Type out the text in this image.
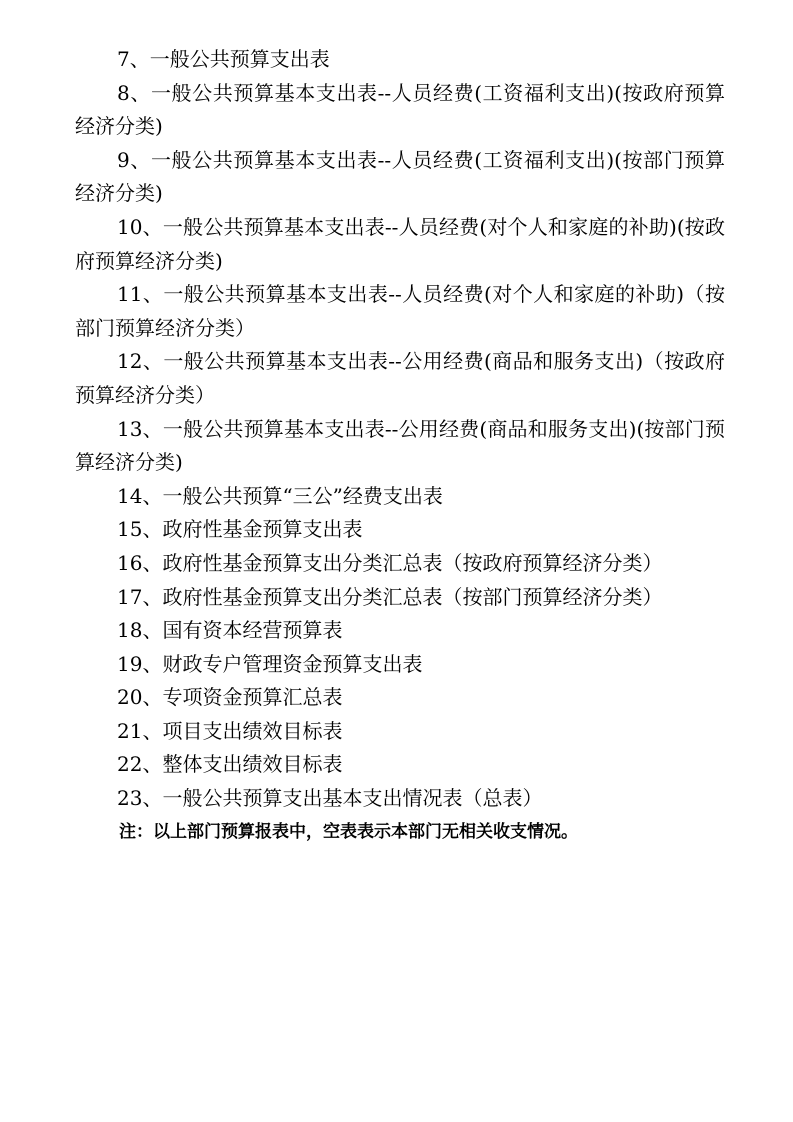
7、一般公共预算支出表

8、一般公共预算基本支出表--人员经费(工资福利支出)(按政府预算经济分类)

9、一般公共预算基本支出表--人员经费(工资福利支出)(按部门预算经济分类)

10、一般公共预算基本支出表--人员经费(对个人和家庭的补助)(按政府预算经济分类)

11、一般公共预算基本支出表--人员经费(对个人和家庭的补助)（按部门预算经济分类）

12、一般公共预算基本支出表--公用经费(商品和服务支出)（按政府预算经济分类）

13、一般公共预算基本支出表--公用经费(商品和服务支出)(按部门预算经济分类)

14、一般公共预算“三公”经费支出表

15、政府性基金预算支出表

16、政府性基金预算支出分类汇总表（按政府预算经济分类）

17、政府性基金预算支出分类汇总表（按部门预算经济分类）

18、国有资本经营预算表

19、财政专户管理资金预算支出表

20、专项资金预算汇总表

21、项目支出绩效目标表

22、整体支出绩效目标表

23、一般公共预算支出基本支出情况表（总表）

注：以上部门预算报表中，空表表示本部门无相关收支情况。
